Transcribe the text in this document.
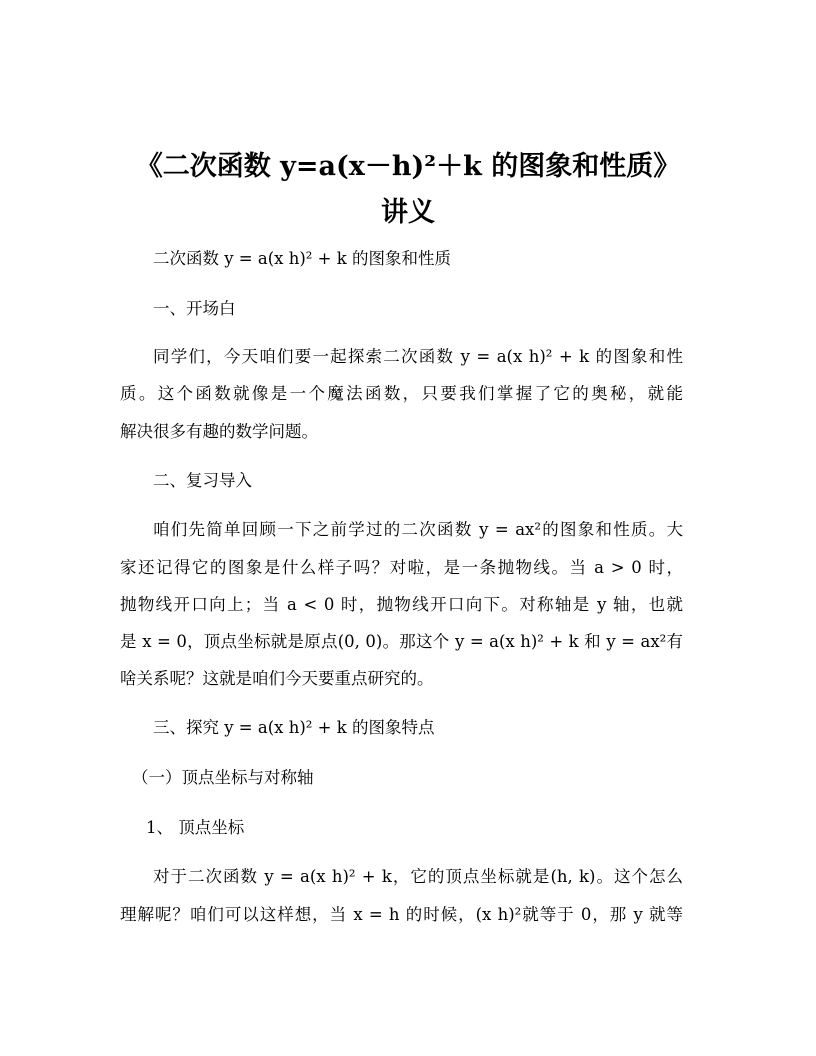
《二次函数 y=a(x－h)²＋k 的图象和性质》
讲义

二次函数 y = a(x h)² + k 的图象和性质

一、开场白

同学们，今天咱们要一起探索二次函数 y = a(x h)² + k 的图象和性

质。这个函数就像是一个魔法函数，只要我们掌握了它的奥秘，就能

解决很多有趣的数学问题。

二、复习导入

咱们先简单回顾一下之前学过的二次函数 y = ax²的图象和性质。大

家还记得它的图象是什么样子吗？对啦，是一条抛物线。当 a > 0 时，

抛物线开口向上；当 a < 0 时，抛物线开口向下。对称轴是 y 轴，也就

是 x = 0，顶点坐标就是原点(0, 0)。那这个 y = a(x h)² + k 和 y = ax²有

啥关系呢？这就是咱们今天要重点研究的。

三、探究 y = a(x h)² + k 的图象特点

（一）顶点坐标与对称轴

1、 顶点坐标

对于二次函数 y = a(x h)² + k，它的顶点坐标就是(h, k)。这个怎么

理解呢？咱们可以这样想，当 x = h 的时候，(x h)²就等于 0，那 y 就等
